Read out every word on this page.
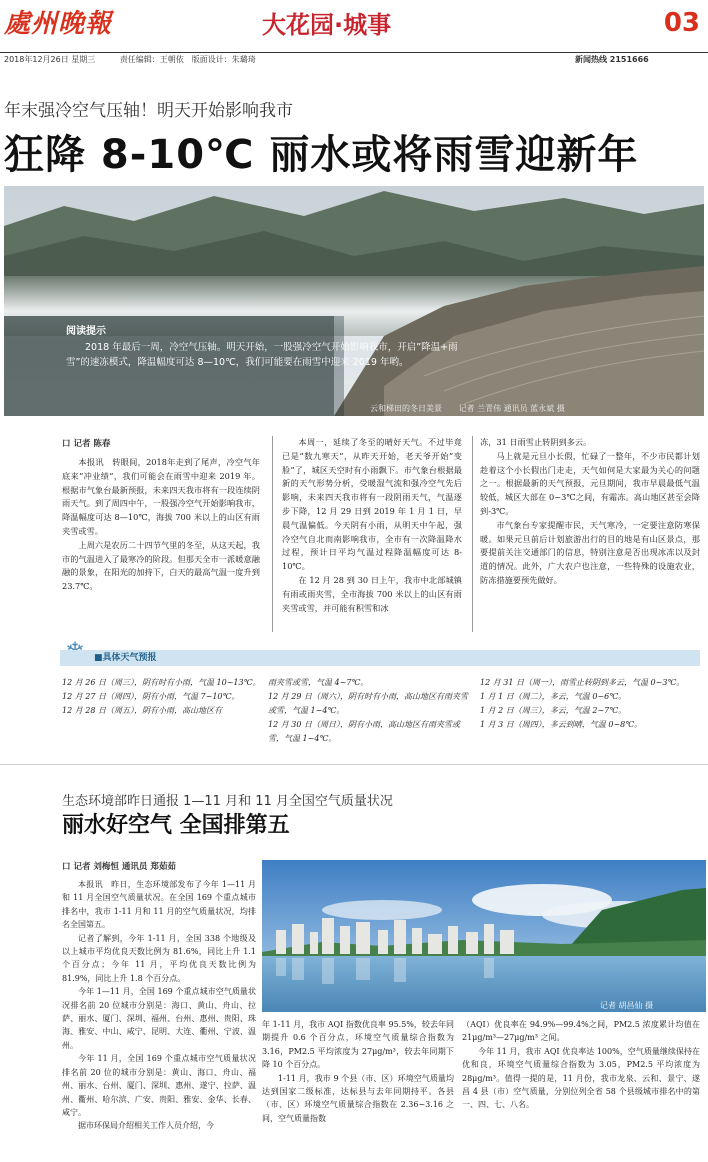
處州晚報	大花园·城事	03
2018年12月26日 星期三	责任编辑：王朝依　版面设计：朱璐琦	新闻热线 2151666
年末强冷空气压轴！明天开始影响我市
狂降 8-10℃ 丽水或将雨雪迎新年
阅读提示
2018 年最后一周，冷空气压轴。明天开始，一股强冷空气开始影响我市，开启”降温+雨雪”的速冻模式，降温幅度可达 8—10℃，我们可能要在雨雪中迎来 2019 年哟。
云和梯田的冬日美景 记者 兰青伟 通讯员 蓝永斌 摄
口 记者 陈春

本报讯　转眼间，2018年走到了尾声，冷空气年底来”冲业绩”，我们可能会在雨雪中迎来 2019 年。根据市气象台最新预报，未来四天我市将有一段连续阴雨天气。到了周四中午，一股强冷空气开始影响我市，降温幅度可达 8—10℃，海拔 700 米以上的山区有雨夹雪或雪。

上周六是农历二十四节气里的冬至，从这天起，我市的气温进入了最寒冷的阶段。但那天全市一派暖意融融的景象，在阳光的加持下，白天的最高气温一度升到 23.7℃。

本周一，延续了冬至的晴好天气。不过毕竟已是”数九寒天”，从昨天开始，老天爷开始”变脸”了，城区天空时有小雨飘下。市气象台根据最新的天气形势分析，受暖湿气流和强冷空气先后影响，未来四天我市将有一段阴雨天气，气温逐步下降，12 月 29 日到 2019 年 1 月 1 日，早晨气温偏低。今天阴有小雨，从明天中午起，强冷空气自北而南影响我市，全市有一次降温降水过程，预计日平均气温过程降温幅度可达 8-10℃。

在 12 月 28 到 30 日上午，我市中北部城镇有雨或雨夹雪，全市海拔 700 米以上的山区有雨夹雪或雪，并可能有积雪和冰

冻，31 日雨雪止转阴到多云。

马上就是元旦小长假，忙碌了一整年，不少市民都计划趁着这个小长假出门走走，天气如何是大家最为关心的问题之一。根据最新的天气预报，元旦期间，我市早晨最低气温较低，城区大部在 0~3℃之间，有霜冻。高山地区甚至会降到-3℃。

市气象台专家提醒市民，天气寒冷，一定要注意防寒保暖。如果元旦前后计划旅游出行的目的地是有山区景点，那要提前关注交通部门的信息，特别注意是否出现冰冻以及封道的情况。此外，广大农户也注意，一些特殊的设施农业，防冻措施要预先做好。

■具体天气预报
12 月 26 日（周三），阴有时有小雨，气温 10~13℃。
12 月 27 日（周四），阴有小雨，气温 7~10℃。
12 月 28 日（周五），阴有小雨，高山地区有
雨夹雪或雪，气温 4~7℃。
12 月 29 日（周六），阴有时有小雨，高山地区有雨夹雪或雪，气温 1~4℃。
12 月 30 日（周日），阴有小雨，高山地区有雨夹雪或雪，气温 1~4℃。
12 月 31 日（周一），雨雪止转阴到多云，气温 0~3℃。
1 月 1 日（周二），多云，气温 0~6℃。
1 月 2 日（周三），多云，气温 2~7℃。
1 月 3 日（周四），多云到晴，气温 0~8℃。
生态环境部昨日通报 1—11 月和 11 月全国空气质量状况
丽水好空气 全国排第五
口 记者 刘梅恒 通讯员 郑茹茹

本报讯　昨日，生态环境部发布了今年 1—11 月和 11 月全国空气质量状况。在全国 169 个重点城市排名中，我市 1-11 月和 11 月的空气质量状况，均排名全国第五。

记者了解到，今年 1-11 月，全国 338 个地级及以上城市平均优良天数比例为 81.6%，同比上升 1.1 个百分点；今年 11 月，平均优良天数比例为 81.9%，同比上升 1.8 个百分点。

今年 1—11 月，全国 169 个重点城市空气质量状况排名前 20 位城市分别是：海口、黄山、舟山、拉萨、丽水、厦门、深圳、福州、台州、惠州、贵阳、珠海、雅安、中山、咸宁、昆明、大连、衢州、宁波、温州。

今年 11 月，全国 169 个重点城市空气质量状况排名前 20 位的城市分别是：黄山、海口、舟山、福州、丽水、台州、厦门、深圳、惠州、遂宁、拉萨、温州、衢州、哈尔滨、广安、贵阳、雅安、金华、长春、咸宁。

据市环保局介绍相关工作人员介绍，今

记者 胡昌仙 摄

年 1-11 月，我市 AQI 指数优良率 95.5%，较去年同期提升 0.6 个百分点，环境空气质量综合指数为 3.16，PM2.5 平均浓度为 27μg/m³，较去年同期下降 10 个百分点。

1-11 月，我市 9 个县（市、区）环境空气质量均达到国家二级标准，达标县与去年同期持平。各县（市、区）环境空气质量综合指数在 2.36~3.16 之间，空气质量指数

（AQI）优良率在 94.9%—99.4%之间，PM2.5 浓度累计均值在 21μg/m³—27μg/m³ 之间。

今年 11 月，我市 AQI 优良率达 100%，空气质量继续保持在优和良，环境空气质量综合指数为 3.05，PM2.5 平均浓度为 28μg/m³。值得一提的是，11 月份，我市龙泉、云和、景宁、遂昌 4 县（市）空气质量，分别位列全省 58 个县级城市排名中的第一、四、七、八名。
